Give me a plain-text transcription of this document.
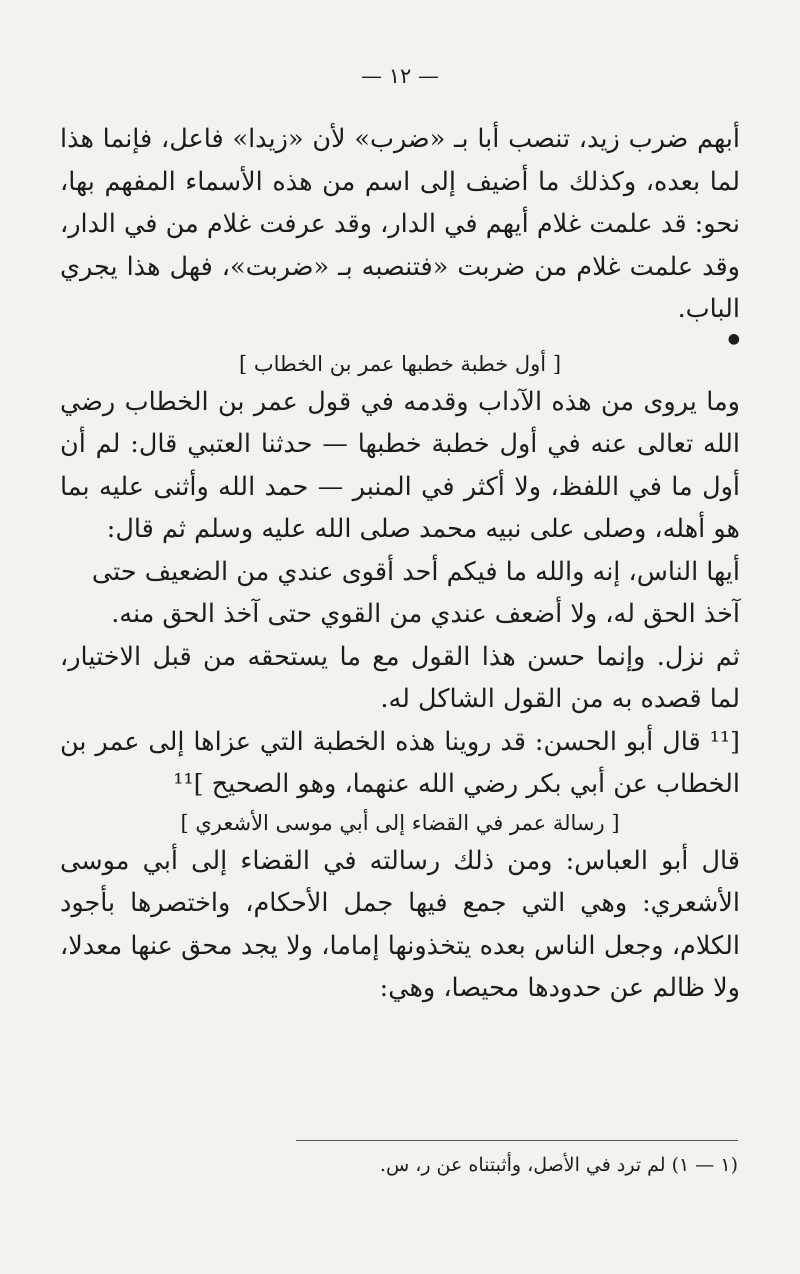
— ١٢ —

أبهم ضرب زيد، تنصب أبا بـ «ضرب» لأن «زيدا» فاعل، فإنما هذا لما بعده، وكذلك ما أضيف إلى اسم من هذه الأسماء المفهم بها، نحو: قد علمت غلام أيهم في الدار، وقد عرفت غلام من في الدار، وقد علمت غلام من ضربت «فتنصبه بـ «ضربت»، فهل هذا يجري الباب.

●

[ أول خطبة خطبها عمر بن الخطاب ]

وما يروى من هذه الآداب وقدمه في قول عمر بن الخطاب رضي الله تعالى عنه في أول خطبة خطبها — حدثنا العتبي قال: لم أن أول ما في اللفظ، ولا أكثر في المنبر — حمد الله وأثنى عليه بما هو أهله، وصلى على نبيه محمد صلى الله عليه وسلم ثم قال:

أيها الناس، إنه والله ما فيكم أحد أقوى عندي من الضعيف حتى آخذ الحق له، ولا أضعف عندي من القوي حتى آخذ الحق منه.

ثم نزل. وإنما حسن هذا القول مع ما يستحقه من قبل الاختيار، لما قصده به من القول الشاكل له.

[¹¹ قال أبو الحسن: قد روينا هذه الخطبة التي عزاها إلى عمر بن الخطاب عن أبي بكر رضي الله عنهما، وهو الصحيح ]¹¹

[ رسالة عمر في القضاء إلى أبي موسى الأشعري ]

قال أبو العباس: ومن ذلك رسالته في القضاء إلى أبي موسى الأشعري: وهي التي جمع فيها جمل الأحكام، واختصرها بأجود الكلام، وجعل الناس بعده يتخذونها إماما، ولا يجد محق عنها معدلا، ولا ظالم عن حدودها محيصا، وهي:

(١ — ١) لم ترد في الأصل، وأثبتناه عن ر، س.
